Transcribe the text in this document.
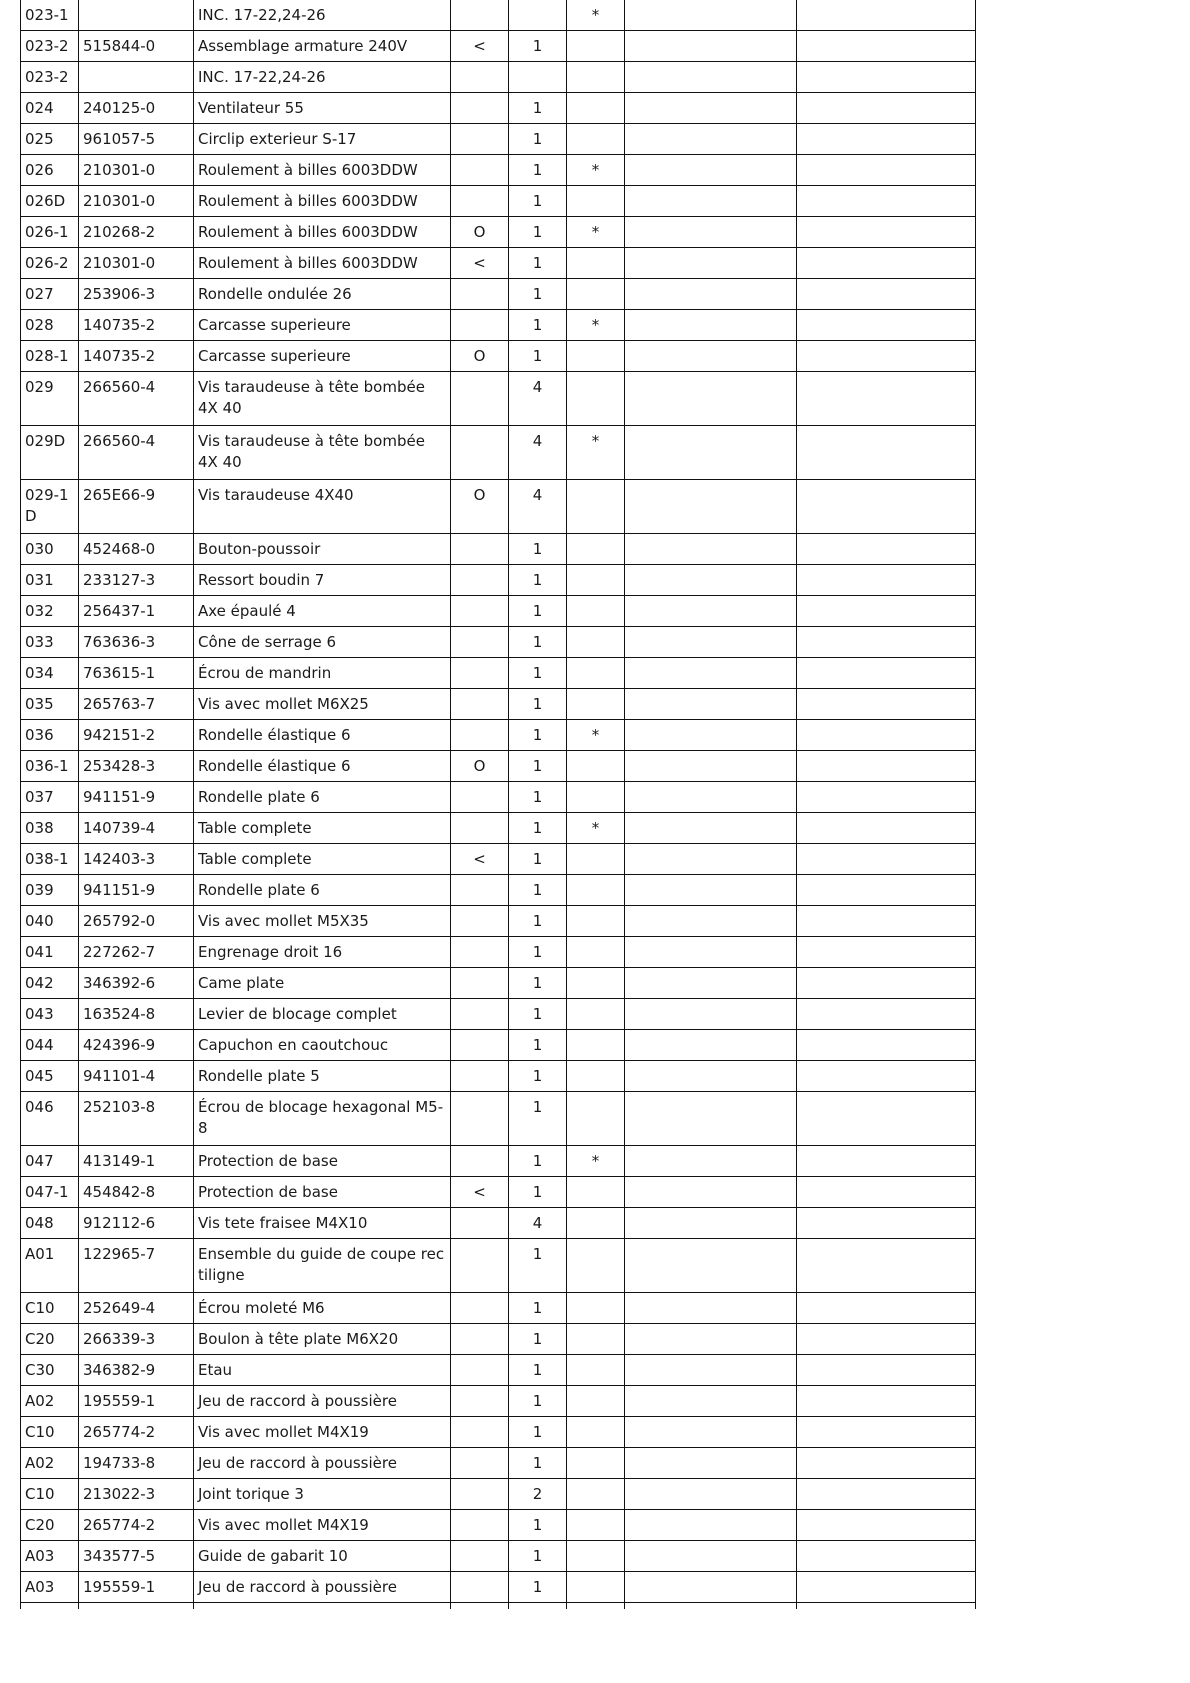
023-1		INC. 17-22,24-26			*		
023-2	515844-0	Assemblage armature 240V	<	1			
023-2		INC. 17-22,24-26					
024	240125-0	Ventilateur 55		1			
025	961057-5	Circlip exterieur S-17		1			
026	210301-0	Roulement à billes 6003DDW		1	*		
026D	210301-0	Roulement à billes 6003DDW		1			
026-1	210268-2	Roulement à billes 6003DDW	O	1	*		
026-2	210301-0	Roulement à billes 6003DDW	<	1			
027	253906-3	Rondelle ondulée 26		1			
028	140735-2	Carcasse superieure		1	*		
028-1	140735-2	Carcasse superieure	O	1			
029	266560-4	Vis taraudeuse à tête bombée 4X 40		4			
029D	266560-4	Vis taraudeuse à tête bombée 4X 40		4	*		
029-1 D	265E66-9	Vis taraudeuse 4X40	O	4			
030	452468-0	Bouton-poussoir		1			
031	233127-3	Ressort boudin 7		1			
032	256437-1	Axe épaulé 4		1			
033	763636-3	Cône de serrage 6		1			
034	763615-1	Écrou de mandrin		1			
035	265763-7	Vis avec mollet M6X25		1			
036	942151-2	Rondelle élastique 6		1	*		
036-1	253428-3	Rondelle élastique 6	O	1			
037	941151-9	Rondelle plate 6		1			
038	140739-4	Table complete		1	*		
038-1	142403-3	Table complete	<	1			
039	941151-9	Rondelle plate 6		1			
040	265792-0	Vis avec mollet M5X35		1			
041	227262-7	Engrenage droit 16		1			
042	346392-6	Came plate		1			
043	163524-8	Levier de blocage complet		1			
044	424396-9	Capuchon en caoutchouc		1			
045	941101-4	Rondelle plate 5		1			
046	252103-8	Écrou de blocage hexagonal M5-8		1			
047	413149-1	Protection de base		1	*		
047-1	454842-8	Protection de base	<	1			
048	912112-6	Vis tete fraisee M4X10		4			
A01	122965-7	Ensemble du guide de coupe rec tiligne		1			
C10	252649-4	Écrou moleté M6		1			
C20	266339-3	Boulon à tête plate M6X20		1			
C30	346382-9	Etau		1			
A02	195559-1	Jeu de raccord à poussière		1			
C10	265774-2	Vis avec mollet M4X19		1			
A02	194733-8	Jeu de raccord à poussière		1			
C10	213022-3	Joint torique 3		2			
C20	265774-2	Vis avec mollet M4X19		1			
A03	343577-5	Guide de gabarit 10		1			
A03	195559-1	Jeu de raccord à poussière		1			
